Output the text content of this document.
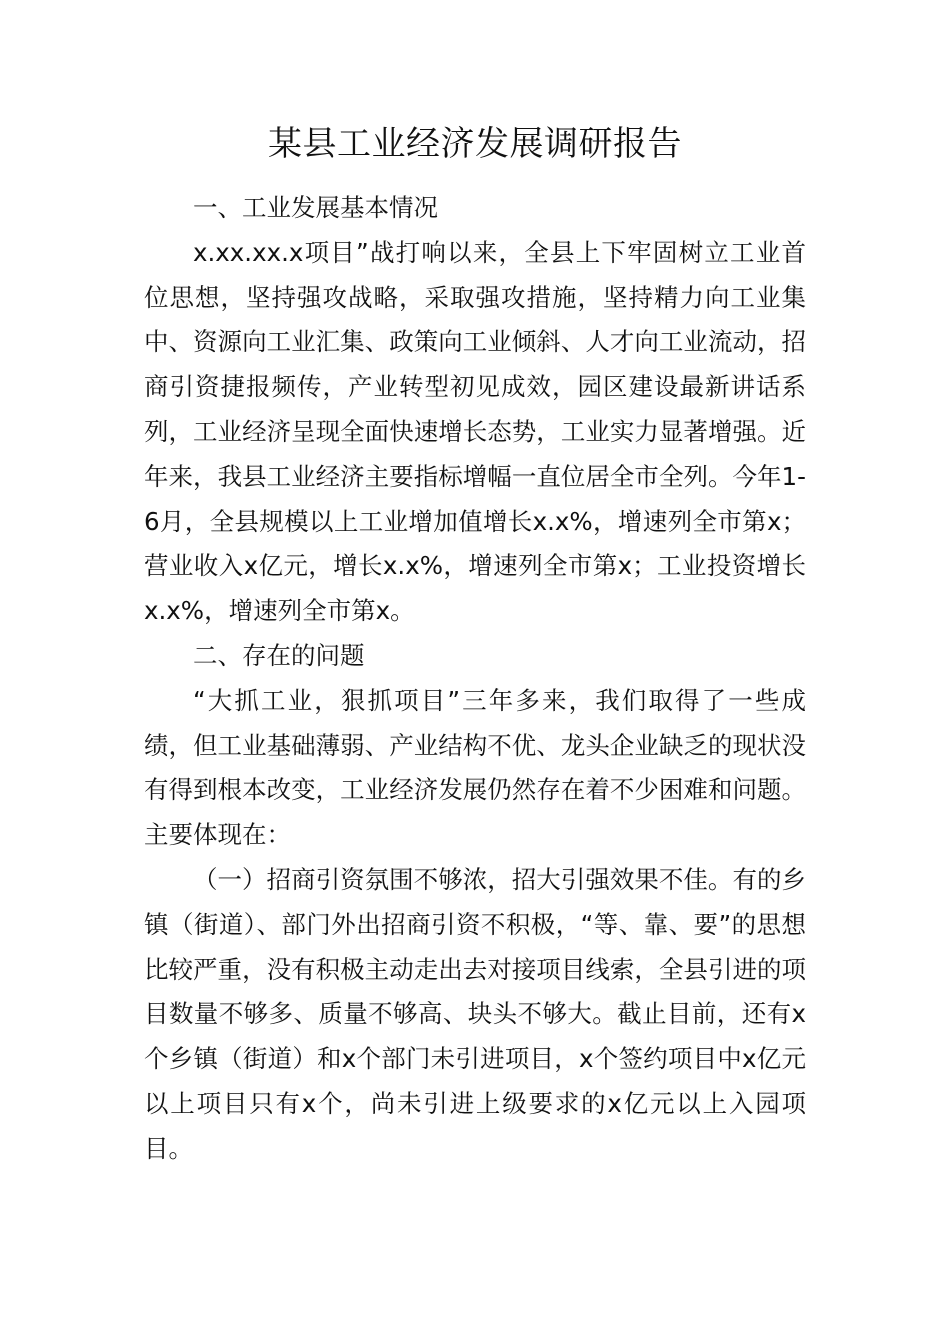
某县工业经济发展调研报告

一、工业发展基本情况

x.xx.xx.x项目”战打响以来，全县上下牢固树立工业首位思想，坚持强攻战略，采取强攻措施，坚持精力向工业集中、资源向工业汇集、政策向工业倾斜、人才向工业流动，招商引资捷报频传，产业转型初见成效，园区建设最新讲话系列，工业经济呈现全面快速增长态势，工业实力显著增强。近年来，我县工业经济主要指标增幅一直位居全市全列。今年1-6月，全县规模以上工业增加值增长x.x%，增速列全市第x；营业收入x亿元，增长x.x%，增速列全市第x；工业投资增长x.x%，增速列全市第x。

二、存在的问题

“大抓工业，狠抓项目”三年多来，我们取得了一些成绩，但工业基础薄弱、产业结构不优、龙头企业缺乏的现状没有得到根本改变，工业经济发展仍然存在着不少困难和问题。主要体现在：

（一）招商引资氛围不够浓，招大引强效果不佳。有的乡镇（街道）、部门外出招商引资不积极，“等、靠、要”的思想比较严重，没有积极主动走出去对接项目线索，全县引进的项目数量不够多、质量不够高、块头不够大。截止目前，还有x个乡镇（街道）和x个部门未引进项目，x个签约项目中x亿元以上项目只有x个，尚未引进上级要求的x亿元以上入园项目。
